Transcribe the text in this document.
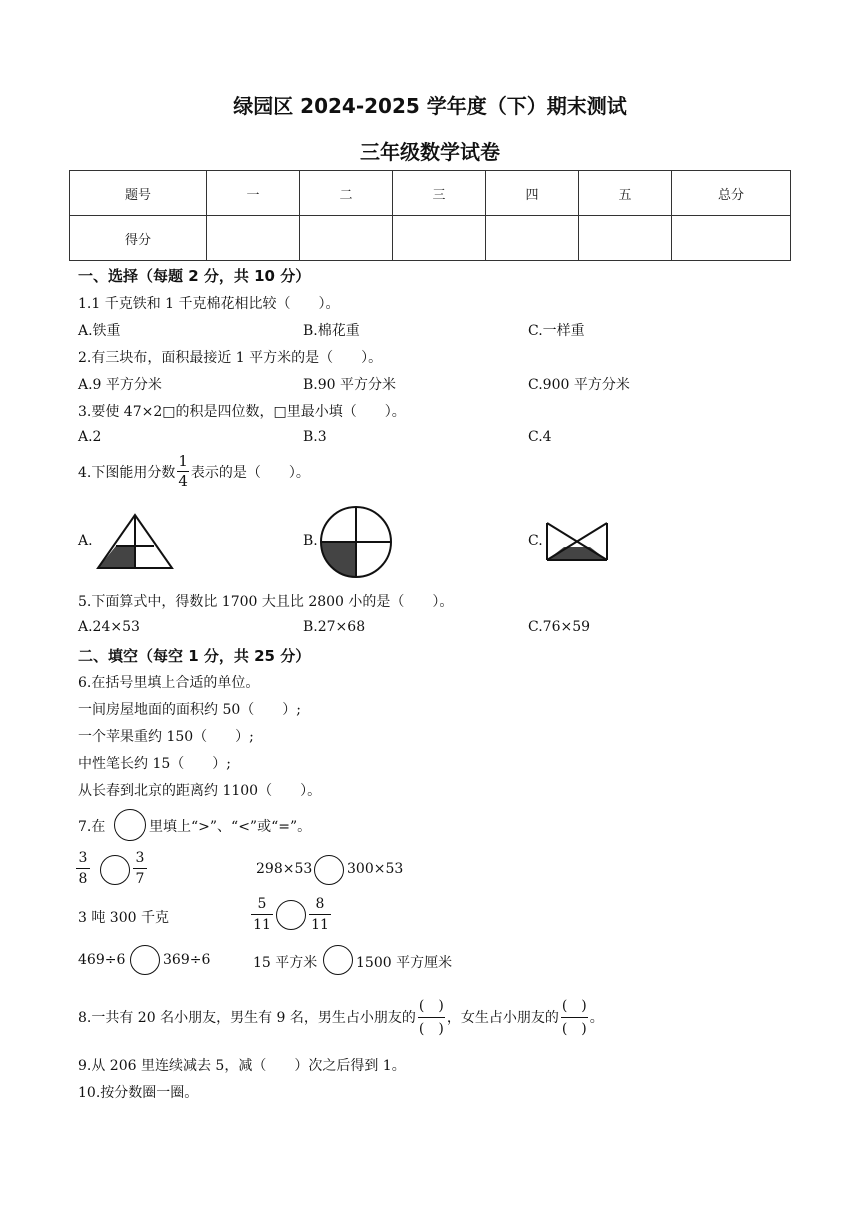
绿园区 2024-2025 学年度（下）期末测试
三年级数学试卷
题号	一	二	三	四	五	总分
得分						
一、选择（每题 2 分，共 10 分）
1.1 千克铁和 1 千克棉花相比较（　　）。
A.铁重	B.棉花重	C.一样重
2.有三块布，面积最接近 1 平方米的是（　　）。
A.9 平方分米	B.90 平方分米	C.900 平方分米
3.要使 47×2□的积是四位数，□里最小填（　　）。
A.2	B.3	C.4
4.下图能用分数 $\frac{1}{4}$ 表示的是（　　）。
A.	B.	C.
5.下面算式中，得数比 1700 大且比 2800 小的是（　　）。
A.24×53	B.27×68	C.76×59
二、填空（每空 1 分，共 25 分）
6.在括号里填上合适的单位。
一间房屋地面的面积约 50（　　）;
一个苹果重约 150（　　）;
中性笔长约 15（　　）;
从长春到北京的距离约 1100（　　）。
7.在	里填上“>”、“<”或“=”。
3
8
3
7
298×53 300×53
3 吨 300 千克
5
11
8
11
469÷6	369÷6	15 平方米	1500 平方厘米
8.一共有 20 名小朋友，男生有 9 名，男生占小朋友的 $\frac{( )}{( )}$ ，女生占小朋友的 $\frac{( )}{( )}$ 。
9.从 206 里连续减去 5，减（　　）次之后得到 1。
10.按分数圈一圈。
